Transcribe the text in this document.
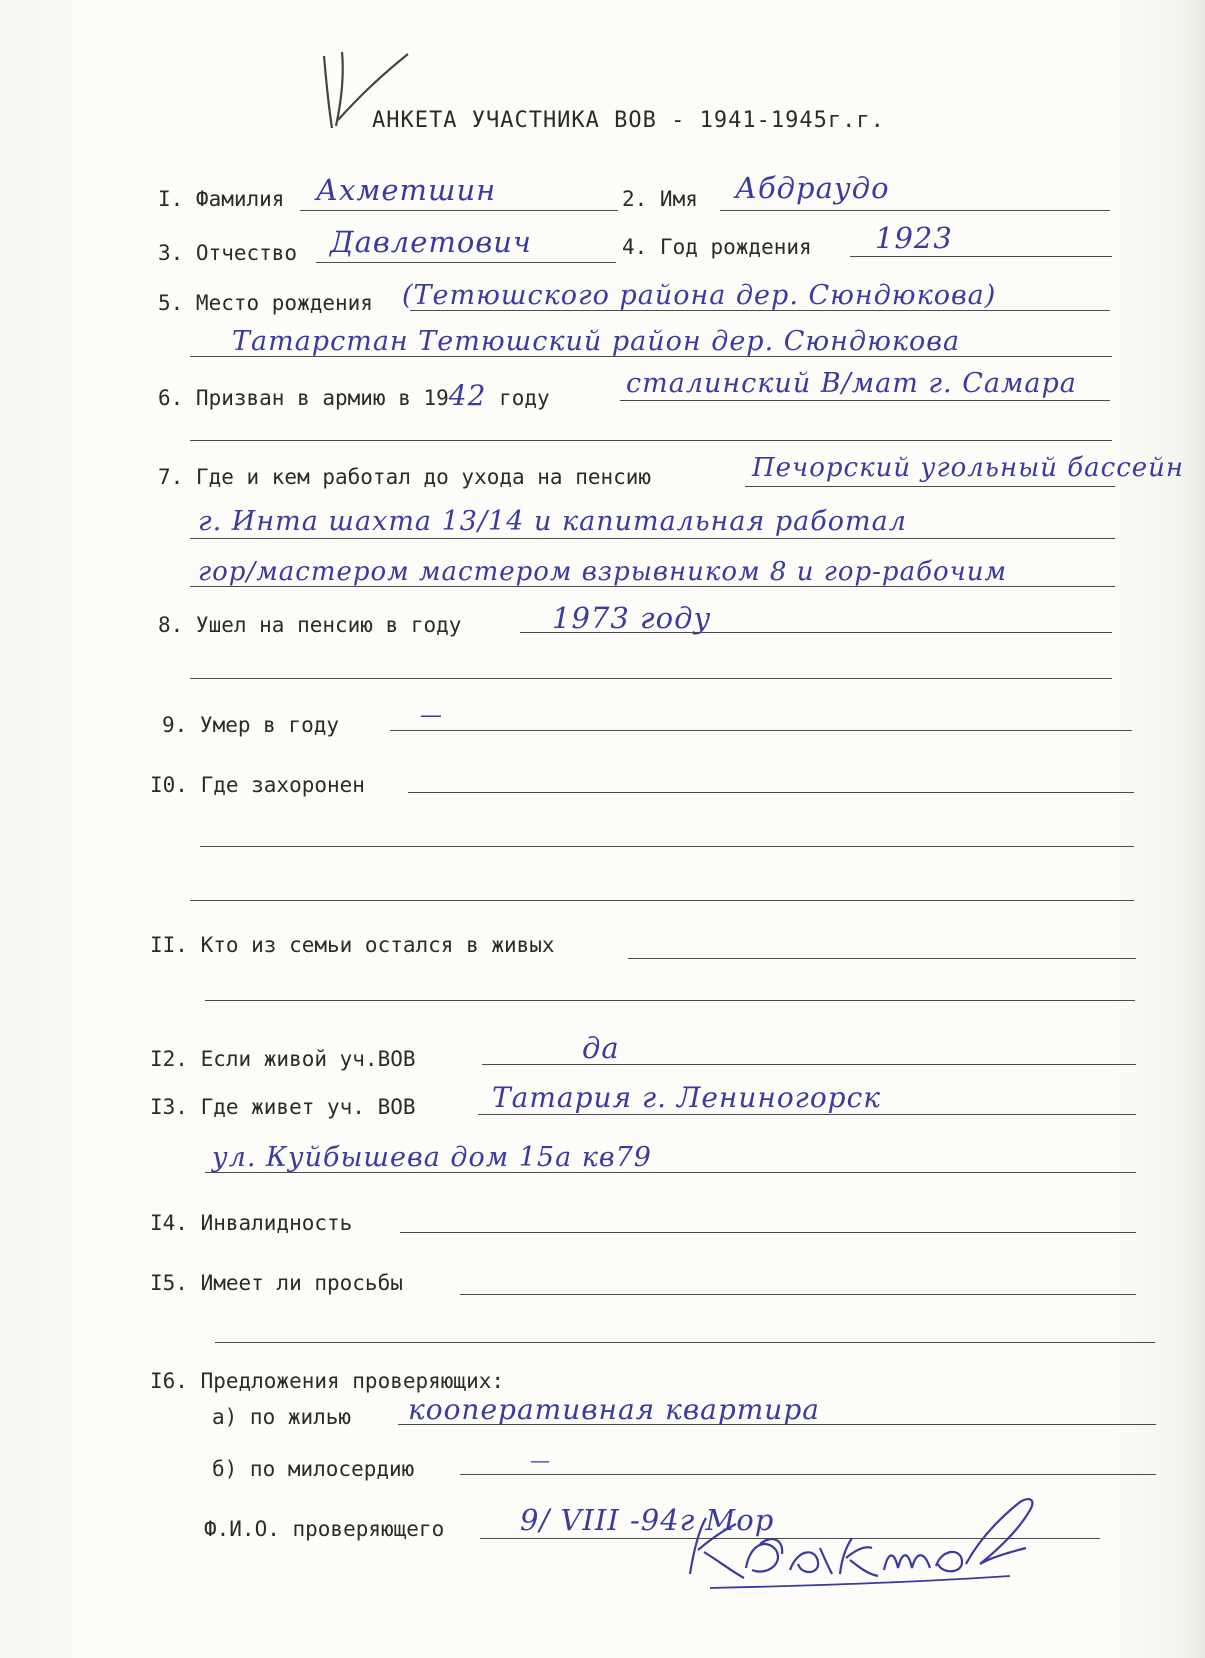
АНКЕТА УЧАСТНИКА ВОВ - 1941-1945г.г.
I. Фамилия Ахметшин	2. Имя Абдраудо
3. Отчество Давлетович	4. Год рождения 1923
5. Место рождения (Тетюшского района дер. Сюндюкова)
Татарстан Тетюшский район дер. Сюндюкова
6. Призван в армию в 1942 году	сталинский В/мат г. Самара
7. Где и кем работал до ухода на пенсию	Печорский угольный бассейн
г. Инта шахта 13/14 и капитальная работал
гор/мастером мастером взрывником 8 и гор-рабочим
8. Ушел на пенсию в году	1973 году
9. Умер в году	—
I0. Где захоронен
II. Кто из семьи остался в живых
I2. Если живой уч.ВОВ	да
I3. Где живет уч. ВОВ	Татария г. Лениногорск
ул. Куйбышева дом 15а кв79
I4. Инвалидность
I5. Имеет ли просьбы
I6. Предложения проверяющих:
а) по жилью кооперативная квартира
б) по милосердию	—
Ф.И.О. проверяющего	9/ VIII -94г Мор
